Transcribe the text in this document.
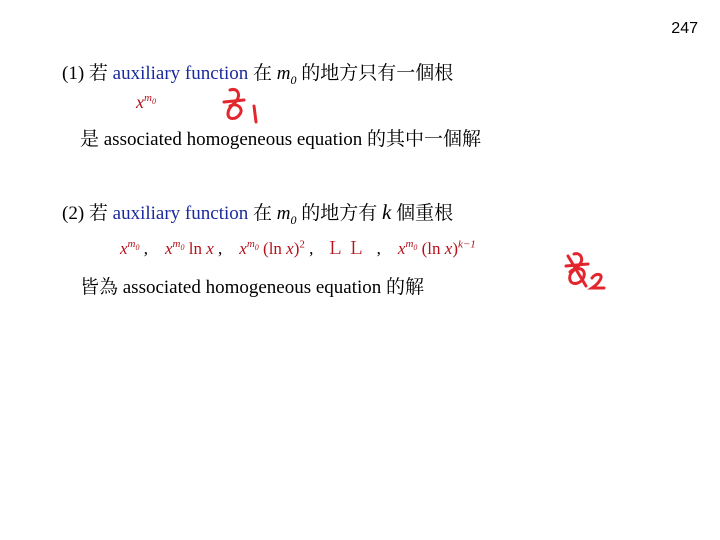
247
(1) 若 auxiliary function 在 $m_0$ 的地方只有一個根
$x^{m_0}$
是 associated homogeneous equation 的其中一個解
(2) 若 auxiliary function 在 $m_0$ 的地方有 k 個重根
$x^{m_0}$ , $x^{m_0}$ ln x , $x^{m_0}$ (ln x)$^2$ , ＬＬ , $x^{m_0}$ (ln x)$^{k-1}$
皆為 associated homogeneous equation 的解
